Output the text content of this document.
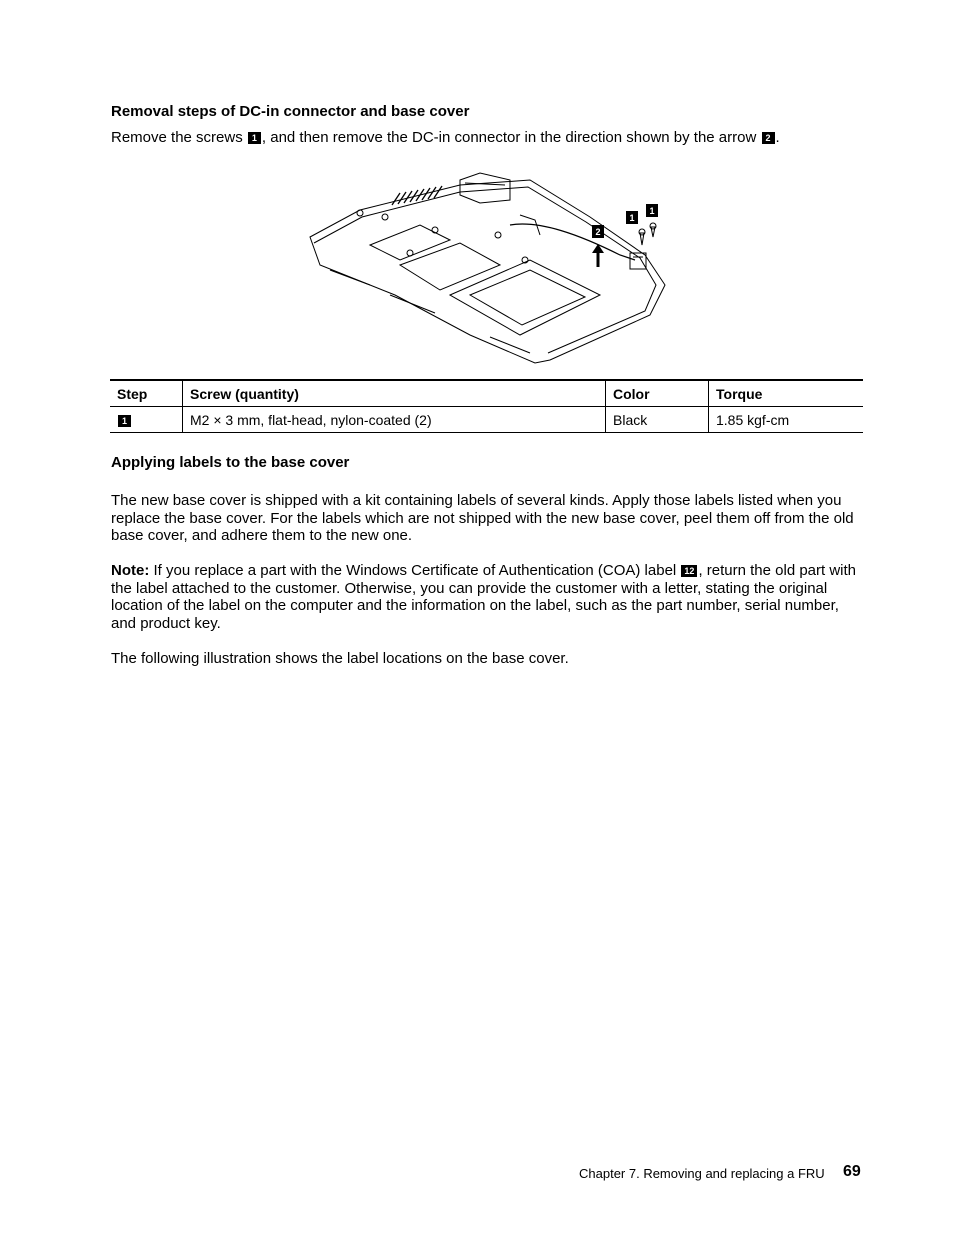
Removal steps of DC-in connector and base cover
Remove the screws 1 , and then remove the DC-in connector in the direction shown by the arrow 2 .
1
1
2
Step	Screw (quantity)	Color	Torque
1	M2 × 3 mm, flat-head, nylon-coated (2)	Black	1.85 kgf-cm
Applying labels to the base cover
The new base cover is shipped with a kit containing labels of several kinds. Apply those labels listed when you replace the base cover. For the labels which are not shipped with the new base cover, peel them off from the old base cover, and adhere them to the new one.
Note: If you replace a part with the Windows Certificate of Authentication (COA) label 12 , return the old part with the label attached to the customer. Otherwise, you can provide the customer with a letter, stating the original location of the label on the computer and the information on the label, such as the part number, serial number, and product key.
The following illustration shows the label locations on the base cover.
Chapter 7. Removing and replacing a FRU 69
